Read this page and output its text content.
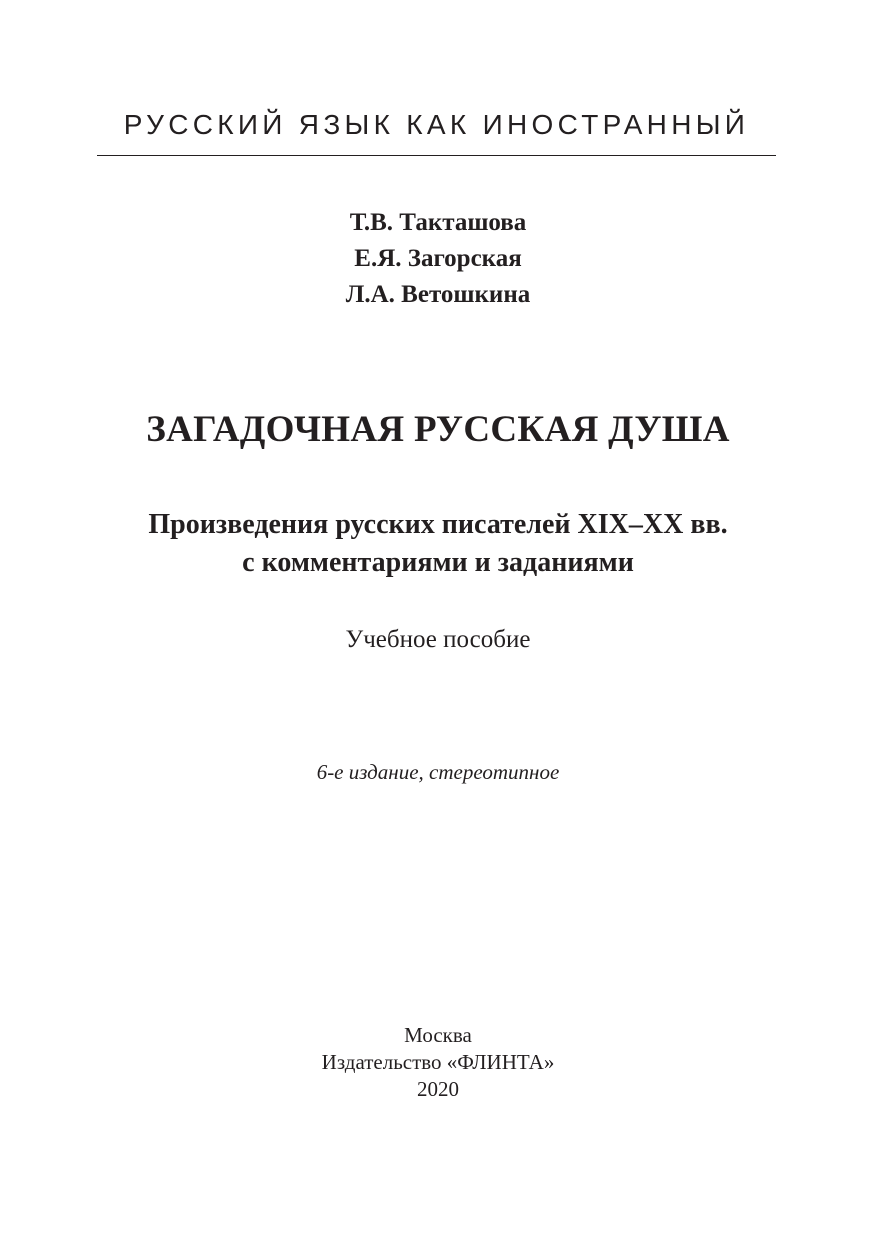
РУССКИЙ ЯЗЫК КАК ИНОСТРАННЫЙ
Т.В. Такташова
Е.Я. Загорская
Л.А. Ветошкина
ЗАГАДОЧНАЯ РУССКАЯ ДУША
Произведения русских писателей XIX–XX вв.
с комментариями и заданиями
Учебное пособие
6-е издание, стереотипное
Москва
Издательство «ФЛИНТА»
2020
